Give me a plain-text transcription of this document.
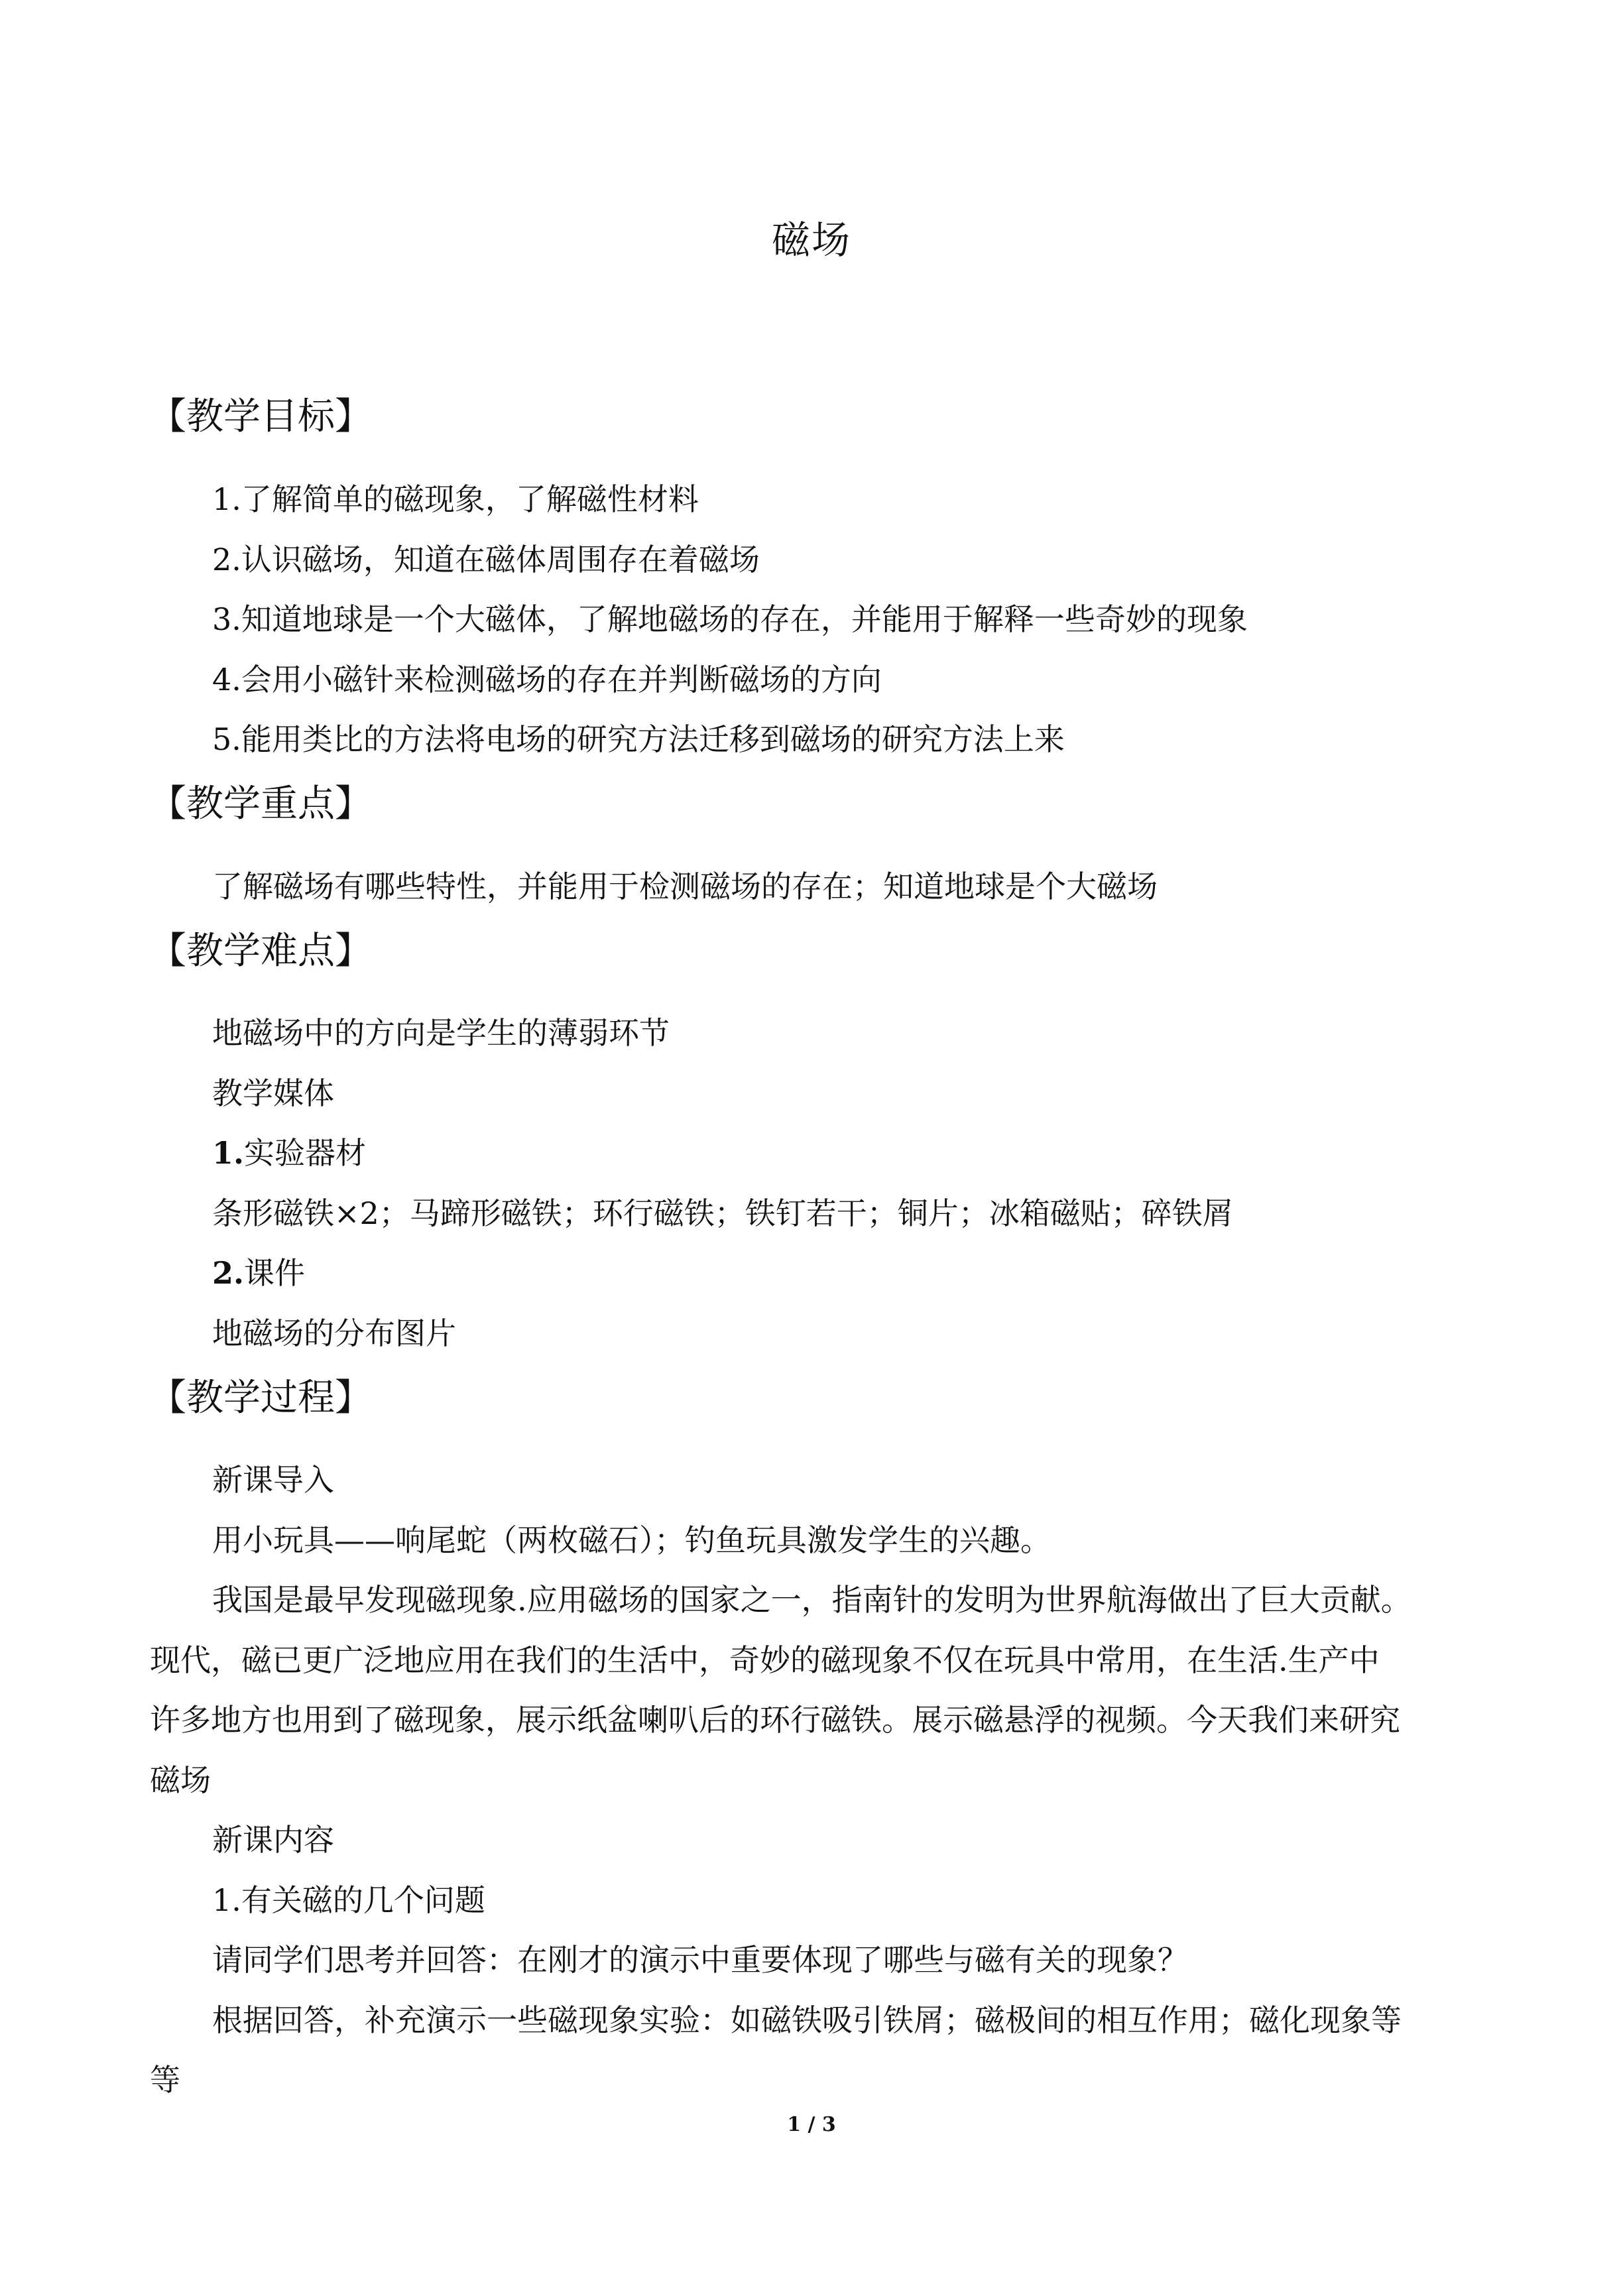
磁场
【教学目标】
1.了解简单的磁现象，了解磁性材料
2.认识磁场，知道在磁体周围存在着磁场
3.知道地球是一个大磁体，了解地磁场的存在，并能用于解释一些奇妙的现象
4.会用小磁针来检测磁场的存在并判断磁场的方向
5.能用类比的方法将电场的研究方法迁移到磁场的研究方法上来
【教学重点】
了解磁场有哪些特性，并能用于检测磁场的存在；知道地球是个大磁场
【教学难点】
地磁场中的方向是学生的薄弱环节
教学媒体
1.实验器材
条形磁铁×2；马蹄形磁铁；环行磁铁；铁钉若干；铜片；冰箱磁贴；碎铁屑
2.课件
地磁场的分布图片
【教学过程】
新课导入
用小玩具——响尾蛇（两枚磁石）；钓鱼玩具激发学生的兴趣。
我国是最早发现磁现象.应用磁场的国家之一，指南针的发明为世界航海做出了巨大贡献。
现代，磁已更广泛地应用在我们的生活中，奇妙的磁现象不仅在玩具中常用，在生活.生产中
许多地方也用到了磁现象，展示纸盆喇叭后的环行磁铁。展示磁悬浮的视频。今天我们来研究
磁场
新课内容
1.有关磁的几个问题
请同学们思考并回答：在刚才的演示中重要体现了哪些与磁有关的现象？
根据回答，补充演示一些磁现象实验：如磁铁吸引铁屑；磁极间的相互作用；磁化现象等
等
1 / 3
